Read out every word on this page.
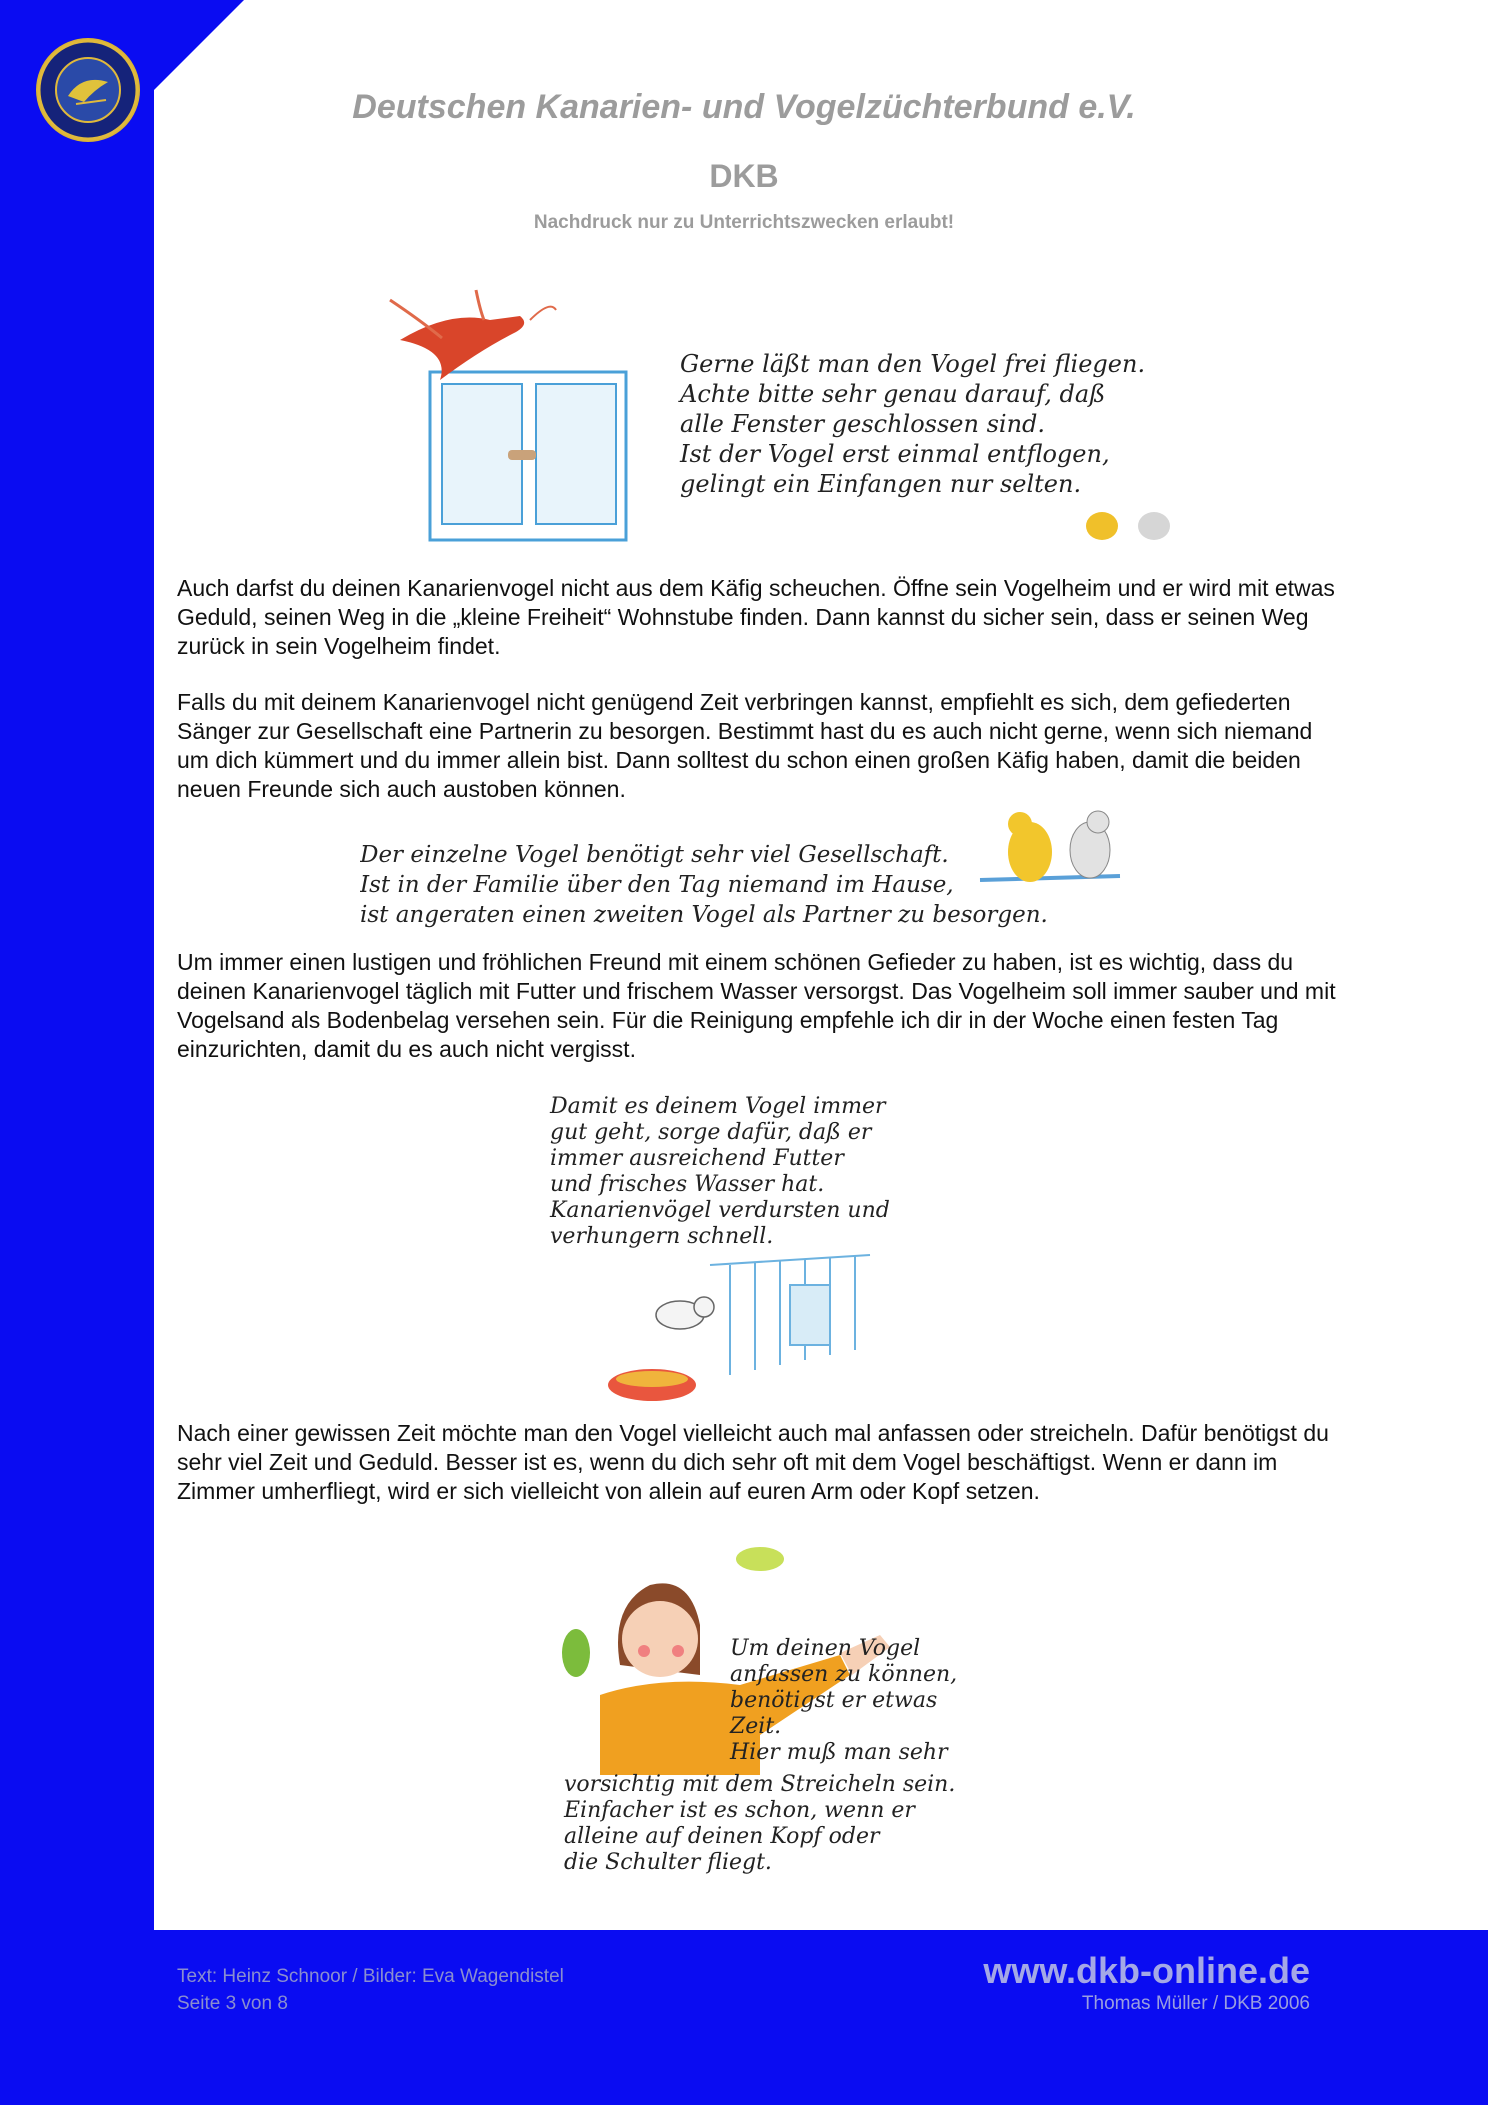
Deutschen Kanarien- und Vogelzüchterbund e.V.
DKB
Nachdruck nur zu Unterrichtszwecken erlaubt!
Gerne läßt man den Vogel frei fliegen.
Achte bitte sehr genau darauf, daß
alle Fenster geschlossen sind.
Ist der Vogel erst einmal entflogen,
gelingt ein Einfangen nur selten.

Auch darfst du deinen Kanarienvogel nicht aus dem Käfig scheuchen. Öffne sein Vogelheim und er wird mit etwas Geduld, seinen Weg in die „kleine Freiheit“ Wohnstube finden. Dann kannst du sicher sein, dass er seinen Weg zurück in sein Vogelheim findet.

Falls du mit deinem Kanarienvogel nicht genügend Zeit verbringen kannst, empfiehlt es sich, dem gefiederten Sänger zur Gesellschaft eine Partnerin zu besorgen. Bestimmt hast du es auch nicht gerne, wenn sich niemand um dich kümmert und du immer allein bist. Dann solltest du schon einen großen Käfig haben, damit die beiden neuen Freunde sich auch austoben können.

Der einzelne Vogel benötigt sehr viel Gesellschaft.
Ist in der Familie über den Tag niemand im Hause,
ist angeraten einen zweiten Vogel als Partner zu besorgen.

Um immer einen lustigen und fröhlichen Freund mit einem schönen Gefieder zu haben, ist es wichtig, dass du deinen Kanarienvogel täglich mit Futter und frischem Wasser versorgst. Das Vogelheim soll immer sauber und mit Vogelsand als Bodenbelag versehen sein. Für die Reinigung empfehle ich dir in der Woche einen festen Tag einzurichten, damit du es auch nicht vergisst.

Damit es deinem Vogel immer
gut geht, sorge dafür, daß er
immer ausreichend Futter
und frisches Wasser hat.
Kanarienvögel verdursten und
verhungern schnell.

Nach einer gewissen Zeit möchte man den Vogel vielleicht auch mal anfassen oder streicheln. Dafür benötigst du sehr viel Zeit und Geduld. Besser ist es, wenn du dich sehr oft mit dem Vogel beschäftigst. Wenn er dann im Zimmer umherfliegt, wird er sich vielleicht von allein auf euren Arm oder Kopf setzen.

Um deinen Vogel
anfassen zu können,
benötigst er etwas
Zeit.
Hier muß man sehr
vorsichtig mit dem Streicheln sein.
Einfacher ist es schon, wenn er
alleine auf deinen Kopf oder
die Schulter fliegt.
Text: Heinz Schnoor / Bilder: Eva Wagendistel
Seite 3 von 8
www.dkb-online.de
Thomas Müller / DKB 2006
